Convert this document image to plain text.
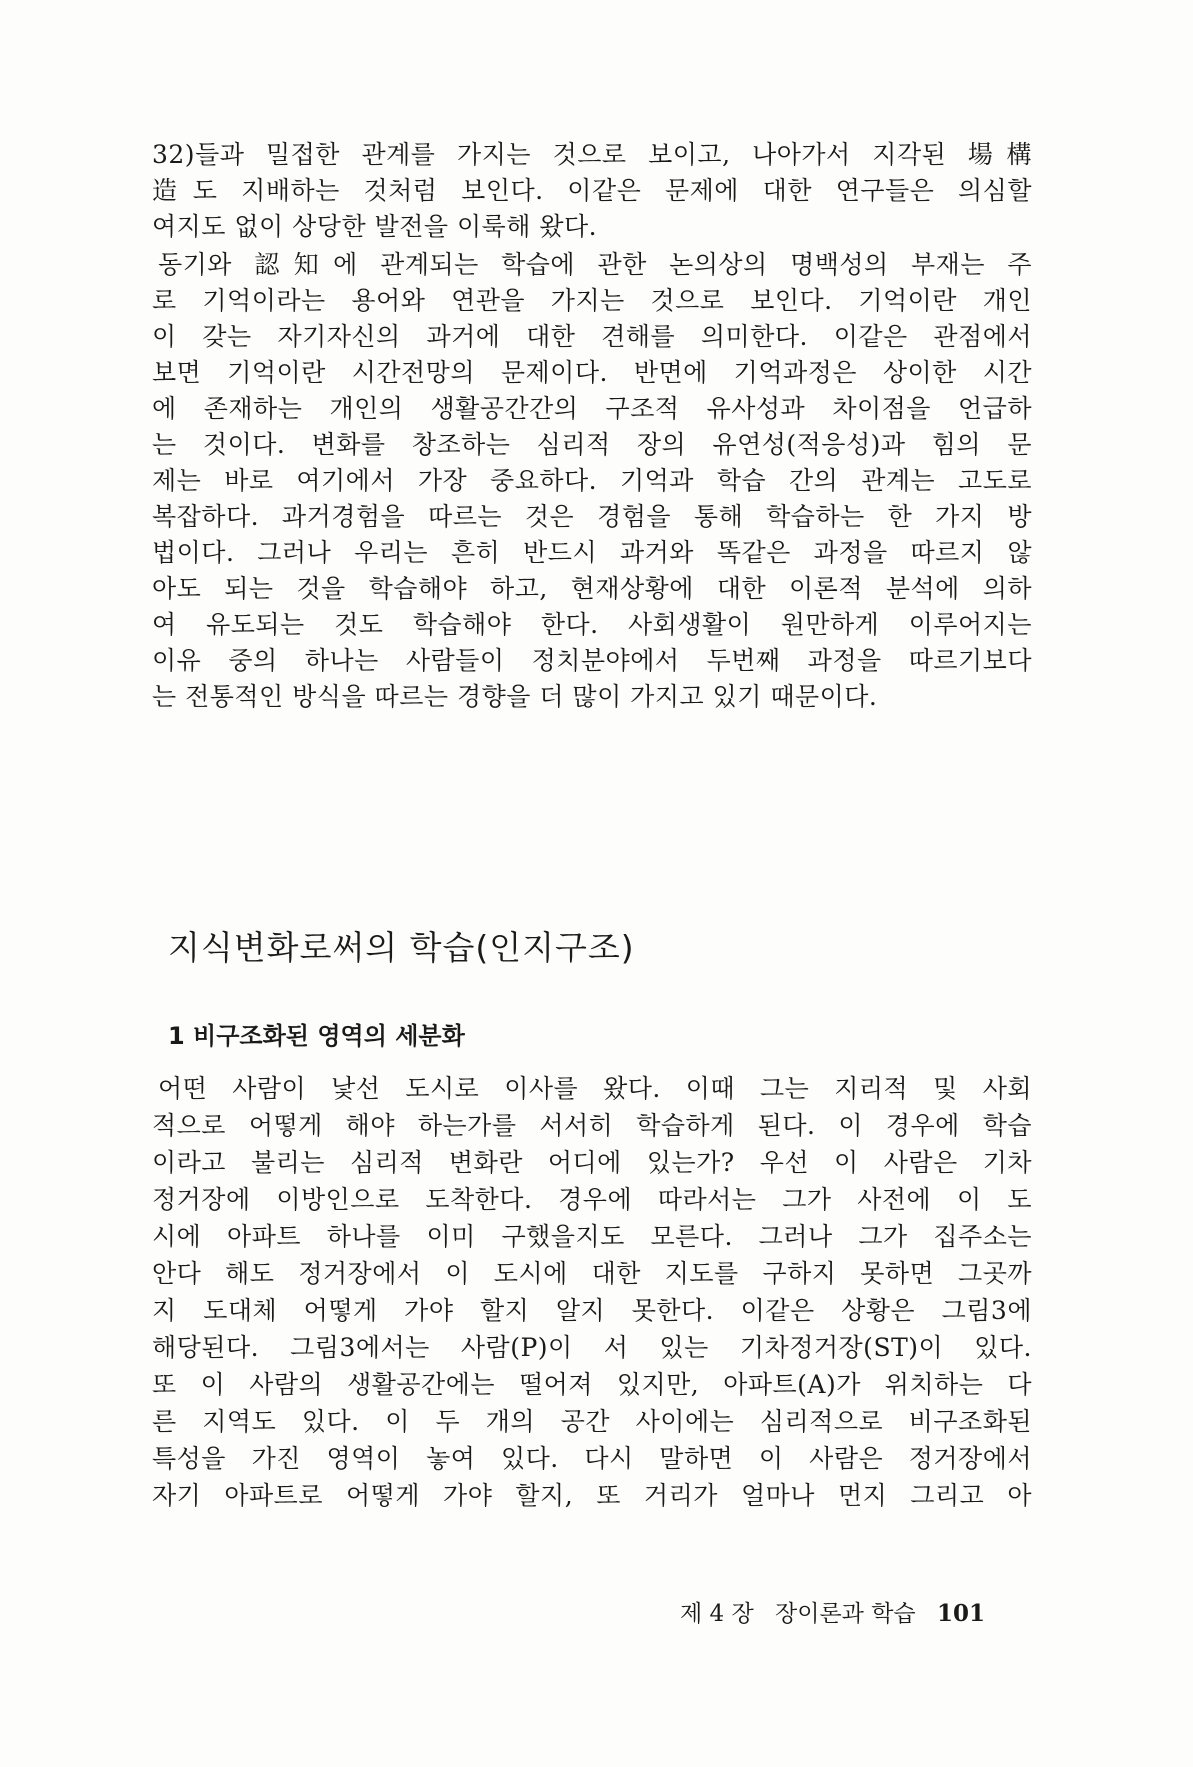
32)들과 밀접한 관계를 가지는 것으로 보이고, 나아가서 지각된 場構
造도 지배하는 것처럼 보인다. 이같은 문제에 대한 연구들은 의심할
여지도 없이 상당한 발전을 이룩해 왔다.
동기와 認知에 관계되는 학습에 관한 논의상의 명백성의 부재는 주
로 기억이라는 용어와 연관을 가지는 것으로 보인다. 기억이란 개인
이 갖는 자기자신의 과거에 대한 견해를 의미한다. 이같은 관점에서
보면 기억이란 시간전망의 문제이다. 반면에 기억과정은 상이한 시간
에 존재하는 개인의 생활공간간의 구조적 유사성과 차이점을 언급하
는 것이다. 변화를 창조하는 심리적 장의 유연성(적응성)과 힘의 문
제는 바로 여기에서 가장 중요하다. 기억과 학습 간의 관계는 고도로
복잡하다. 과거경험을 따르는 것은 경험을 통해 학습하는 한 가지 방
법이다. 그러나 우리는 흔히 반드시 과거와 똑같은 과정을 따르지 않
아도 되는 것을 학습해야 하고, 현재상황에 대한 이론적 분석에 의하
여 유도되는 것도 학습해야 한다. 사회생활이 원만하게 이루어지는
이유 중의 하나는 사람들이 정치분야에서 두번째 과정을 따르기보다
는 전통적인 방식을 따르는 경향을 더 많이 가지고 있기 때문이다.
지식변화로써의 학습(인지구조)
1 비구조화된 영역의 세분화
어떤 사람이 낯선 도시로 이사를 왔다. 이때 그는 지리적 및 사회
적으로 어떻게 해야 하는가를 서서히 학습하게 된다. 이 경우에 학습
이라고 불리는 심리적 변화란 어디에 있는가? 우선 이 사람은 기차
정거장에 이방인으로 도착한다. 경우에 따라서는 그가 사전에 이 도
시에 아파트 하나를 이미 구했을지도 모른다. 그러나 그가 집주소는
안다 해도 정거장에서 이 도시에 대한 지도를 구하지 못하면 그곳까
지 도대체 어떻게 가야 할지 알지 못한다. 이같은 상황은 그림3에
해당된다. 그림3에서는 사람(P)이 서 있는 기차정거장(ST)이 있다.
또 이 사람의 생활공간에는 떨어져 있지만, 아파트(A)가 위치하는 다
른 지역도 있다. 이 두 개의 공간 사이에는 심리적으로 비구조화된
특성을 가진 영역이 놓여 있다. 다시 말하면 이 사람은 정거장에서
자기 아파트로 어떻게 가야 할지, 또 거리가 얼마나 먼지 그리고 아
제 4 장 장이론과 학습 101
